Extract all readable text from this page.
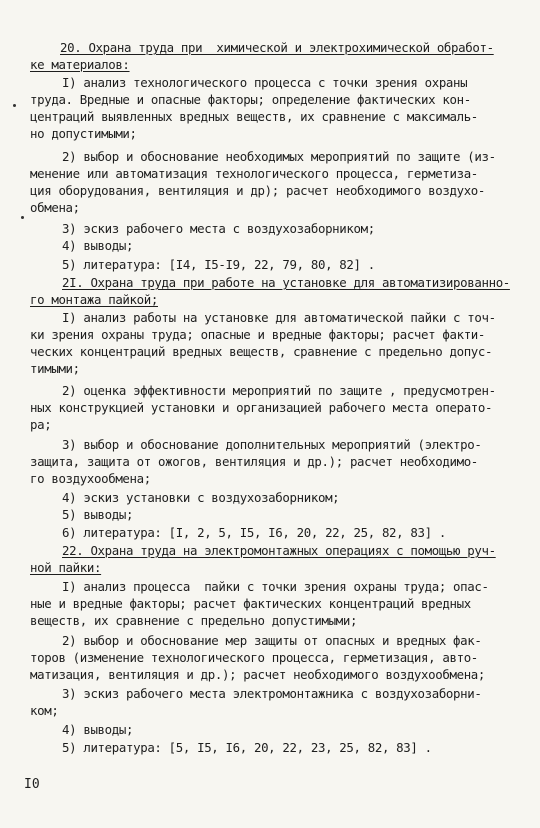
20. Охрана труда при  химической и электрохимической обработ-
ке материалов:
I) анализ технологического процесса с точки зрения охраны
труда. Вредные и опасные факторы; определение фактических кон-
центраций выявленных вредных веществ, их сравнение с максималь-
но допустимыми;
2) выбор и обоснование необходимых мероприятий по защите (из-
менение или автоматизация технологического процесса, герметиза-
ция оборудования, вентиляция и др); расчет необходимого воздухо-
обмена;
3) эскиз рабочего места с воздухозаборником;
4) выводы;
5) литература: [I4, I5-I9, 22, 79, 80, 82] .
2I. Охрана труда при работе на установке для автоматизированно-
го монтажа пайкой;
I) анализ работы на установке для автоматической пайки с точ-
ки зрения охраны труда; опасные и вредные факторы; расчет факти-
ческих концентраций вредных веществ, сравнение с предельно допус-
тимыми;
2) оценка эффективности мероприятий по защите , предусмотрен-
ных конструкцией установки и организацией рабочего места операто-
ра;
3) выбор и обоснование дополнительных мероприятий (электро-
защита, защита от ожогов, вентиляция и др.); расчет необходимо-
го воздухообмена;
4) эскиз установки с воздухозаборником;
5) выводы;
6) литература: [I, 2, 5, I5, I6, 20, 22, 25, 82, 83] .
22. Охрана труда на электромонтажных операциях с помощью руч-
ной пайки:
I) анализ процесса  пайки с точки зрения охраны труда; опас-
ные и вредные факторы; расчет фактических концентраций вредных
веществ, их сравнение с предельно допустимыми;
2) выбор и обоснование мер защиты от опасных и вредных фак-
торов (изменение технологического процесса, герметизация, авто-
матизация, вентиляция и др.); расчет необходимого воздухообмена;
3) эскиз рабочего места электромонтажника с воздухозаборни-
ком;
4) выводы;
5) литература: [5, I5, I6, 20, 22, 23, 25, 82, 83] .
I0
